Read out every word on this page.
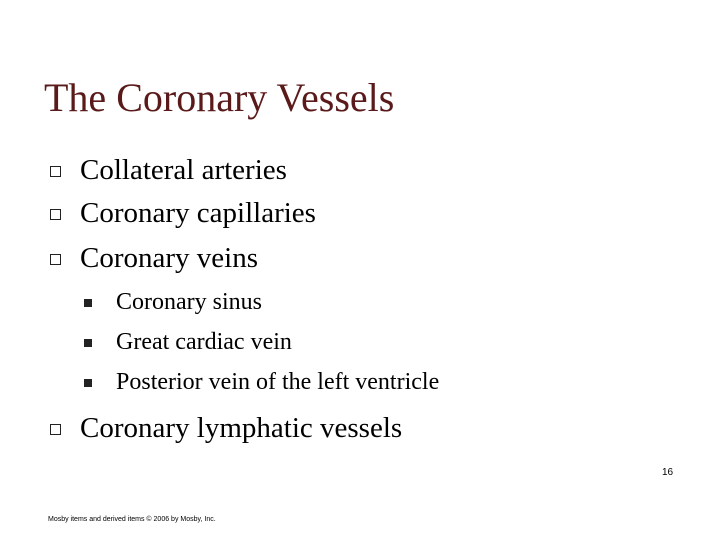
The Coronary Vessels
Collateral arteries
Coronary capillaries
Coronary veins
Coronary sinus
Great cardiac vein
Posterior vein of the left ventricle
Coronary lymphatic vessels
16
Mosby items and derived items © 2006 by Mosby, Inc.
